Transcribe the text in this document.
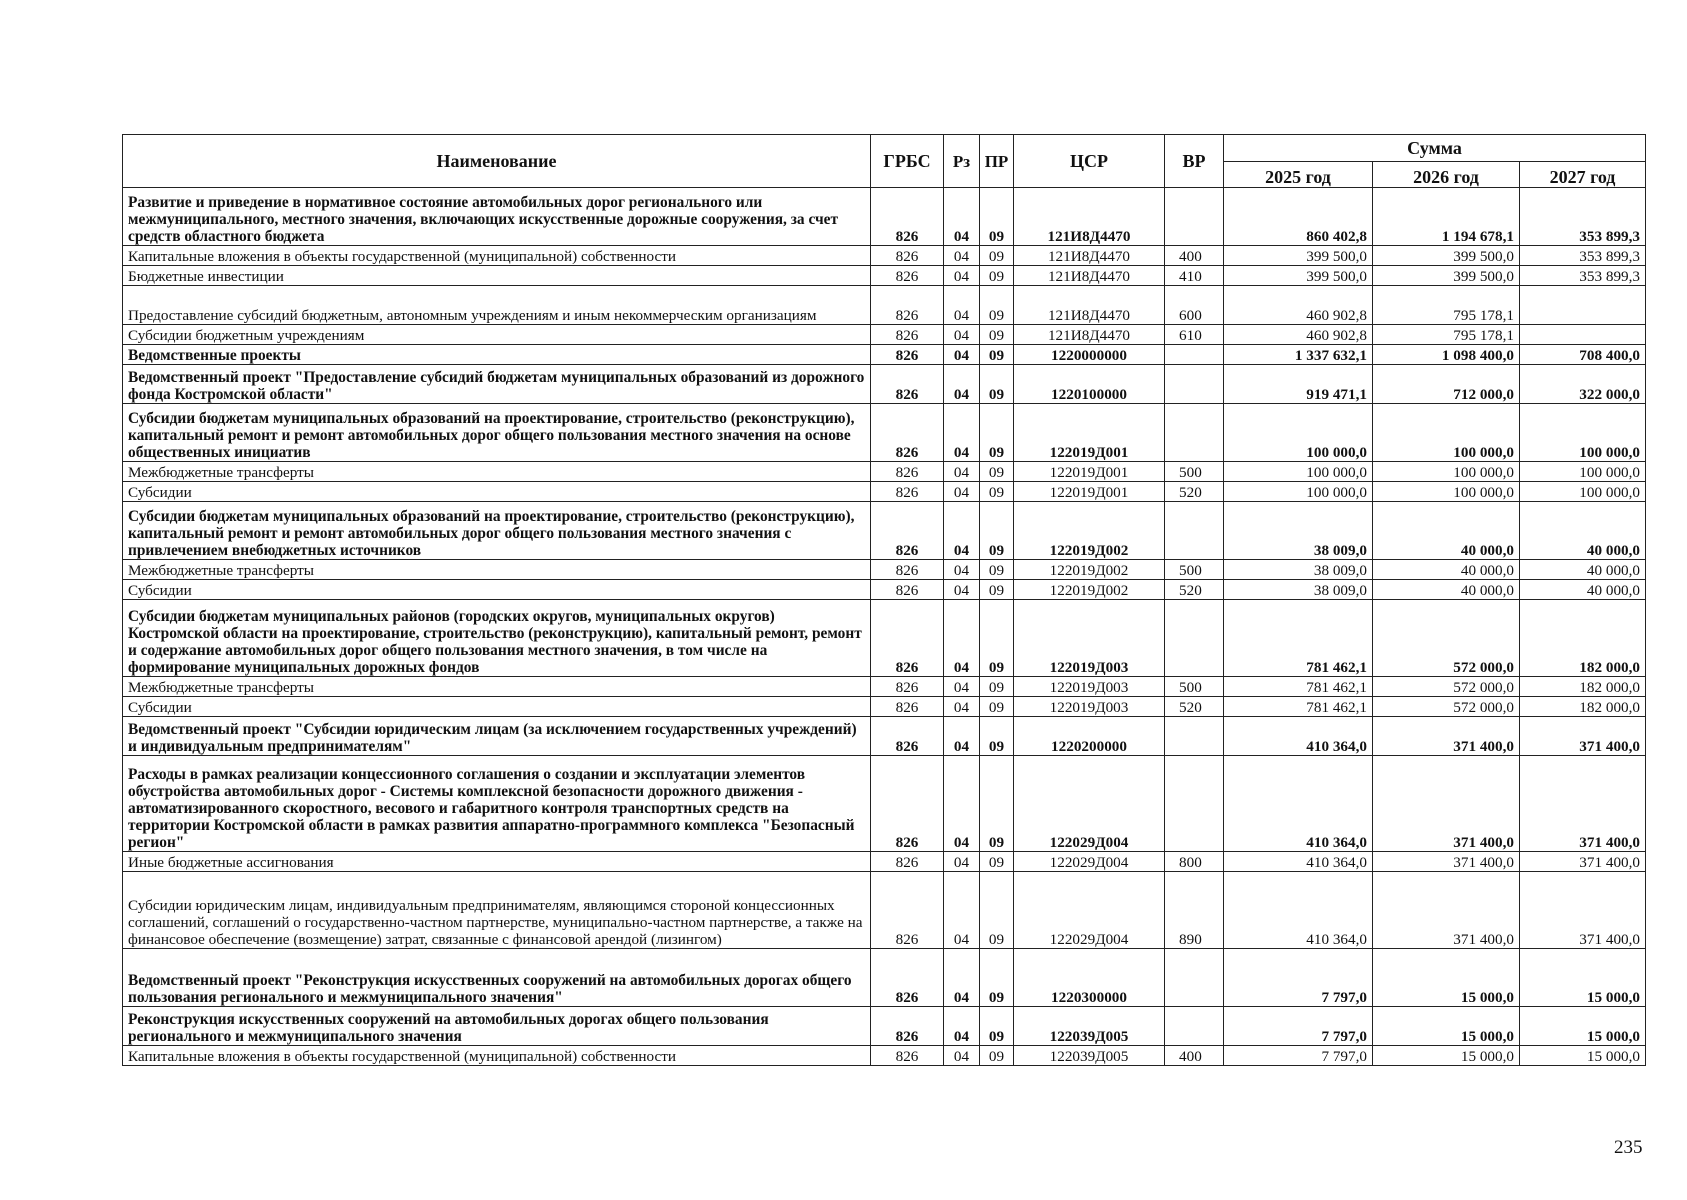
Наименование	ГРБС	Рз	ПР	ЦСР	ВР	Сумма		
						2025 год	2026 год	2027 год
Развитие и приведение в нормативное состояние автомобильных дорог регионального или межмуниципального, местного значения, включающих искусственные дорожные сооружения, за счет средств областного бюджета	826	04	09	121И8Д4470		860 402,8	1 194 678,1	353 899,3
Капитальные вложения в объекты государственной (муниципальной) собственности	826	04	09	121И8Д4470	400	399 500,0	399 500,0	353 899,3
Бюджетные инвестиции	826	04	09	121И8Д4470	410	399 500,0	399 500,0	353 899,3
Предоставление субсидий бюджетным, автономным учреждениям и иным некоммерческим организациям	826	04	09	121И8Д4470	600	460 902,8	795 178,1	
Субсидии бюджетным учреждениям	826	04	09	121И8Д4470	610	460 902,8	795 178,1	
Ведомственные проекты	826	04	09	1220000000		1 337 632,1	1 098 400,0	708 400,0
Ведомственный проект "Предоставление субсидий бюджетам муниципальных образований из дорожного фонда Костромской области"	826	04	09	1220100000		919 471,1	712 000,0	322 000,0
Субсидии бюджетам муниципальных образований на проектирование, строительство (реконструкцию), капитальный ремонт и ремонт автомобильных дорог общего пользования местного значения на основе общественных инициатив	826	04	09	122019Д001		100 000,0	100 000,0	100 000,0
Межбюджетные трансферты	826	04	09	122019Д001	500	100 000,0	100 000,0	100 000,0
Субсидии	826	04	09	122019Д001	520	100 000,0	100 000,0	100 000,0
Субсидии бюджетам муниципальных образований на проектирование, строительство (реконструкцию), капитальный ремонт и ремонт автомобильных дорог общего пользования местного значения с привлечением внебюджетных источников	826	04	09	122019Д002		38 009,0	40 000,0	40 000,0
Межбюджетные трансферты	826	04	09	122019Д002	500	38 009,0	40 000,0	40 000,0
Субсидии	826	04	09	122019Д002	520	38 009,0	40 000,0	40 000,0
Субсидии бюджетам муниципальных районов (городских округов, муниципальных округов) Костромской области на проектирование, строительство (реконструкцию), капитальный ремонт, ремонт и содержание автомобильных дорог общего пользования местного значения, в том числе на формирование муниципальных дорожных фондов	826	04	09	122019Д003		781 462,1	572 000,0	182 000,0
Межбюджетные трансферты	826	04	09	122019Д003	500	781 462,1	572 000,0	182 000,0
Субсидии	826	04	09	122019Д003	520	781 462,1	572 000,0	182 000,0
Ведомственный проект "Субсидии юридическим лицам (за исключением государственных учреждений) и индивидуальным предпринимателям"	826	04	09	1220200000		410 364,0	371 400,0	371 400,0
Расходы в рамках реализации концессионного соглашения о создании и эксплуатации элементов обустройства автомобильных дорог - Системы комплексной безопасности дорожного движения - автоматизированного скоростного, весового и габаритного контроля транспортных средств на территории Костромской области в рамках развития аппаратно-программного комплекса "Безопасный регион"	826	04	09	122029Д004		410 364,0	371 400,0	371 400,0
Иные бюджетные ассигнования	826	04	09	122029Д004	800	410 364,0	371 400,0	371 400,0
Субсидии юридическим лицам, индивидуальным предпринимателям, являющимся стороной концессионных соглашений, соглашений о государственно-частном партнерстве, муниципально-частном партнерстве, а также на финансовое обеспечение (возмещение) затрат, связанные с финансовой арендой (лизингом)	826	04	09	122029Д004	890	410 364,0	371 400,0	371 400,0
Ведомственный проект "Реконструкция искусственных сооружений на автомобильных дорогах общего пользования регионального и межмуниципального значения"	826	04	09	1220300000		7 797,0	15 000,0	15 000,0
Реконструкция искусственных сооружений на автомобильных дорогах общего пользования регионального и межмуниципального значения	826	04	09	122039Д005		7 797,0	15 000,0	15 000,0
Капитальные вложения в объекты государственной (муниципальной) собственности	826	04	09	122039Д005	400	7 797,0	15 000,0	15 000,0
235
